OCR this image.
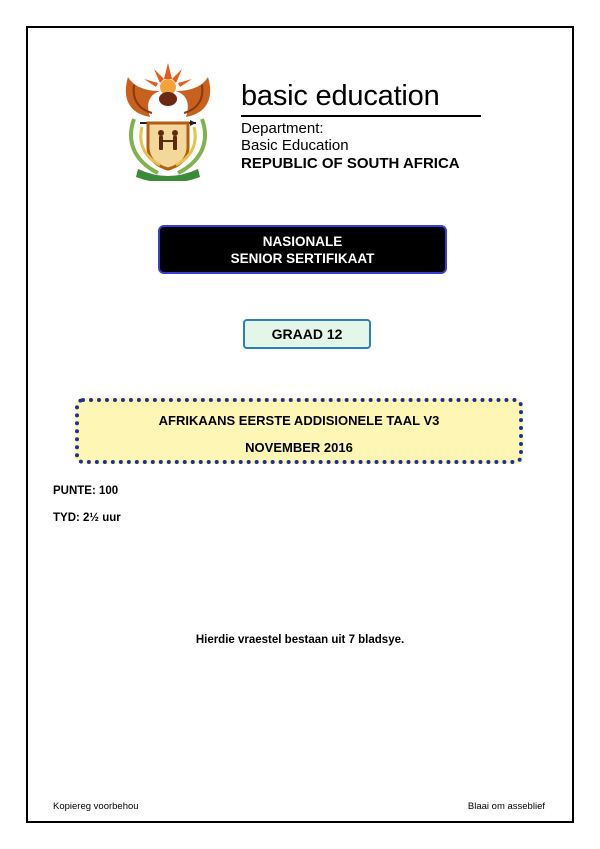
basic education
Department:
Basic Education
REPUBLIC OF SOUTH AFRICA
NASIONALE
SENIOR SERTIFIKAAT
GRAAD 12
AFRIKAANS EERSTE ADDISIONELE TAAL V3
NOVEMBER 2016
PUNTE: 100
TYD: 2½ uur
Hierdie vraestel bestaan uit 7 bladsye.
Kopiereg voorbehou	Blaai om asseblief
